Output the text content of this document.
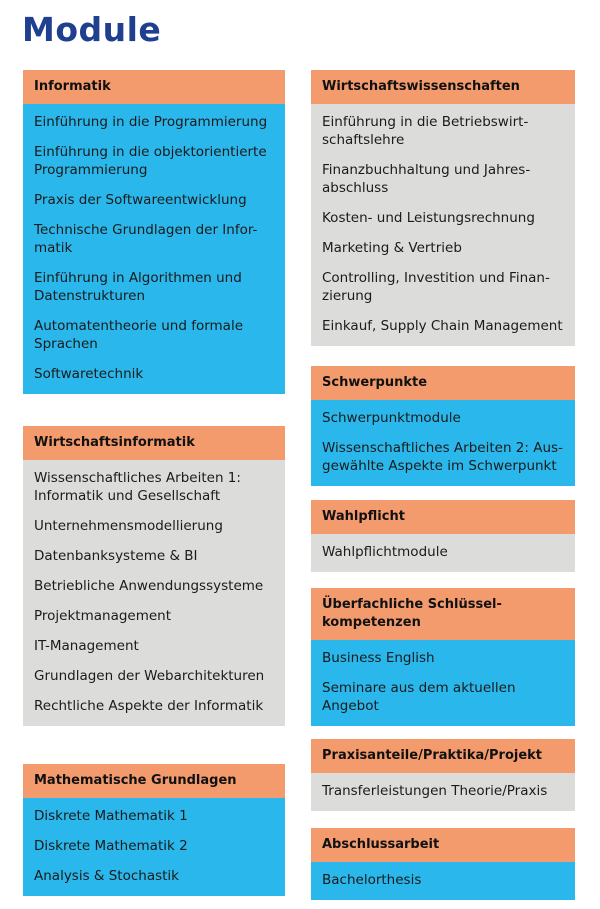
Module
Informatik
Einführung in die Programmierung
Einführung in die objektorientierte
Programmierung
Praxis der Softwareentwicklung
Technische Grundlagen der Infor-
matik
Einführung in Algorithmen und
Datenstrukturen
Automatentheorie und formale
Sprachen
Softwaretechnik
Wirtschaftsinformatik
Wissenschaftliches Arbeiten 1:
Informatik und Gesellschaft
Unternehmensmodellierung
Datenbanksysteme & BI
Betriebliche Anwendungssysteme
Projektmanagement
IT-Management
Grundlagen der Webarchitekturen
Rechtliche Aspekte der Informatik
Mathematische Grundlagen
Diskrete Mathematik 1
Diskrete Mathematik 2
Analysis & Stochastik
Wirtschaftswissenschaften
Einführung in die Betriebswirt-
schaftslehre
Finanzbuchhaltung und Jahres-
abschluss
Kosten- und Leistungsrechnung
Marketing & Vertrieb
Controlling, Investition und Finan-
zierung
Einkauf, Supply Chain Management
Schwerpunkte
Schwerpunktmodule
Wissenschaftliches Arbeiten 2: Aus-
gewählte Aspekte im Schwerpunkt
Wahlpflicht
Wahlpflichtmodule
Überfachliche Schlüssel-
kompetenzen
Business English
Seminare aus dem aktuellen
Angebot
Praxisanteile/Praktika/Projekt
Transferleistungen Theorie/Praxis
Abschlussarbeit
Bachelorthesis
